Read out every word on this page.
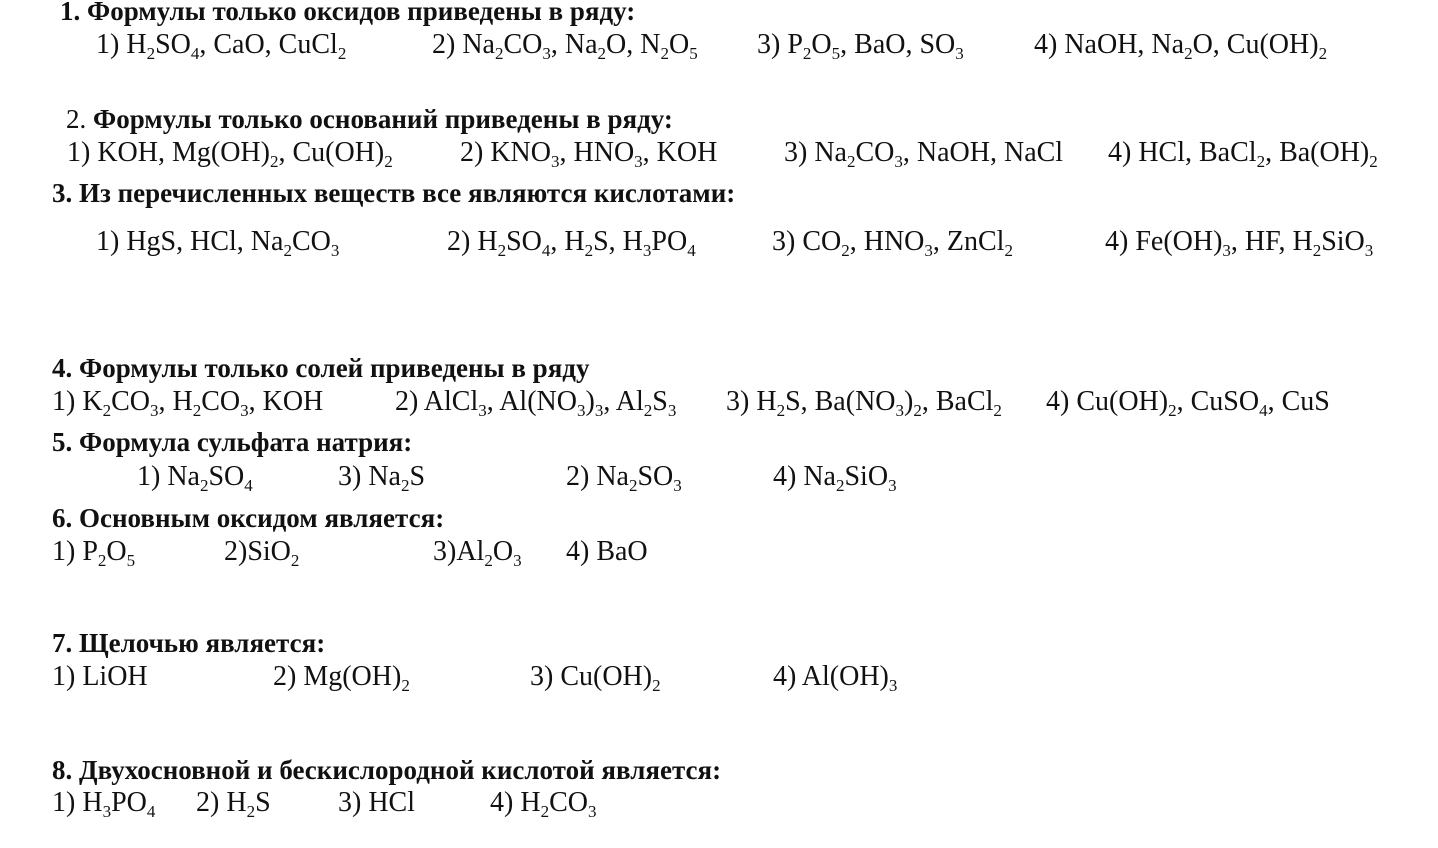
1. Формулы только оксидов приведены в ряду:
1) $H_2SO_4$, CaO, CuCl$_2$	2) $Na_2CO_3$, $Na_2O$, $N_2O_5$ 3) $P_2O_5$, BaO, $SO_3$	4) NaOH, $Na_2O$, $Cu(OH)_2$
2. Формулы только оснований приведены в ряду:
1) KOH, $Mg(OH)_2$, $Cu(OH)_2$ 2) $KNO_3$, $HNO_3$, KOH 3) $Na_2CO_3$, NaOH, NaCl 4) HCl, BaCl$_2$, $Ba(OH)_2$
3. Из перечисленных веществ все являются кислотами:
1) HgS, HCl, $Na_2CO_3$	2) $H_2SO_4$, $H_2S$, $H_3PO_4$	3) $CO_2$, $HNO_3$, ZnCl$_2$	4) $Fe(OH)_3$, HF, $H_2SiO_3$
4. Формулы только солей приведены в ряду
1) $K_2CO_3$, $H_2CO_3$, KOH	2) AlCl$_3$, $Al(NO_3)_3$, $Al_2S_3$ 3) $H_2S$, $Ba(NO_3)_2$, BaCl$_2$ 4) $Cu(OH)_2$, CuSO$_4$, CuS
5. Формула сульфата натрия:
1) $Na_2SO_4$	3) $Na_2S$	2) $Na_2SO_3$	4) $Na_2SiO_3$
6. Основным оксидом является:
1) $P_2O_5$	2)SiO$_2$	$3)Al_2O_3$ 4) BaO
7. Щелочью является:
1) LiOH	2) $Mg(OH)_2$	3) $Cu(OH)_2$	4) $Al(OH)_3$
8. Двухосновной и бескислородной кислотой является:
1) $H_3PO_4$ 2) $H_2S$ 3) HCl	4) $H_2CO_3$
